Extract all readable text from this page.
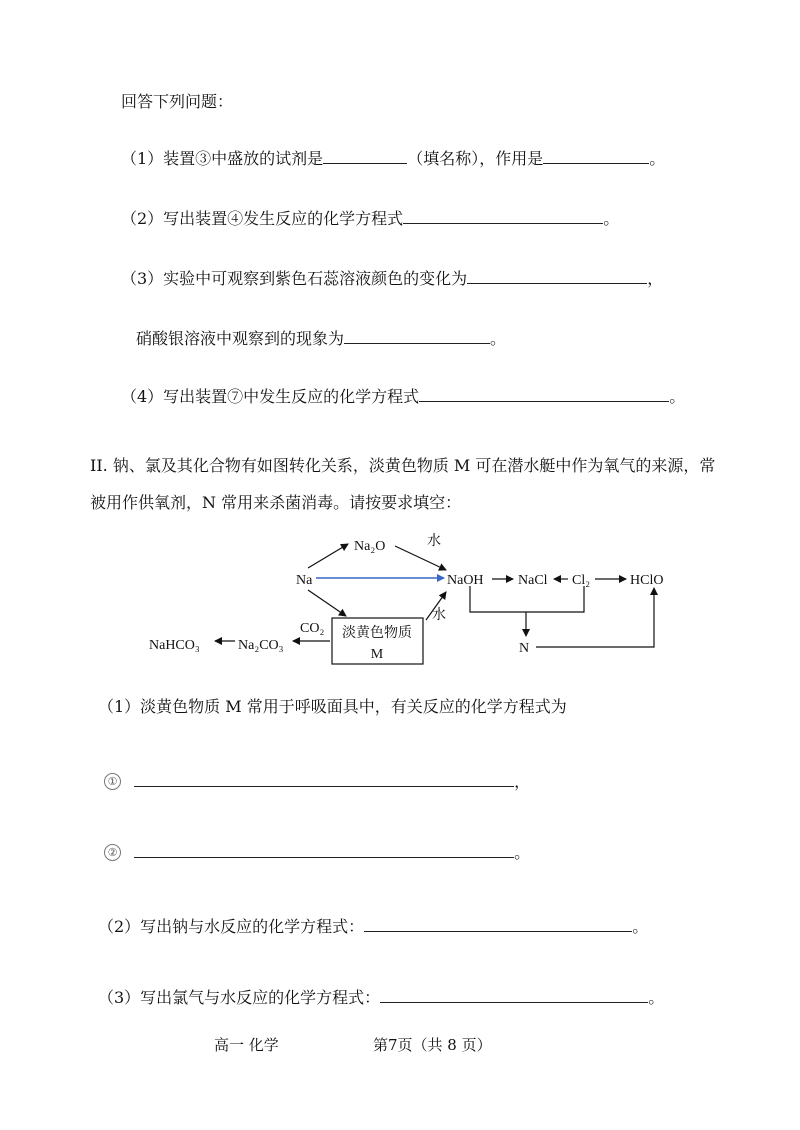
回答下列问题：
（1）装置③中盛放的试剂是	（填名称），作用是	。
（2）写出装置④发生反应的化学方程式	。
（3）实验中可观察到紫色石蕊溶液颜色的变化为	，
硝酸银溶液中观察到的现象为	。
（4）写出装置⑦中发生反应的化学方程式	。
II. 钠、氯及其化合物有如图转化关系，淡黄色物质 M 可在潜水艇中作为氧气的来源，常
被用作供氧剂，N 常用来杀菌消毒。请按要求填空：
Na
Na₂O	水
NaOH NaCl Cl₂	HClO
水
CO₂
NaHCO₃	Na₂CO₃	N
淡黄色物质
M
（1）淡黄色物质 M 常用于呼吸面具中，有关反应的化学方程式为
①	，
②	。
（2）写出钠与水反应的化学方程式：	。
（3）写出氯气与水反应的化学方程式：	。
高一 化学	第7页（共 8 页）
